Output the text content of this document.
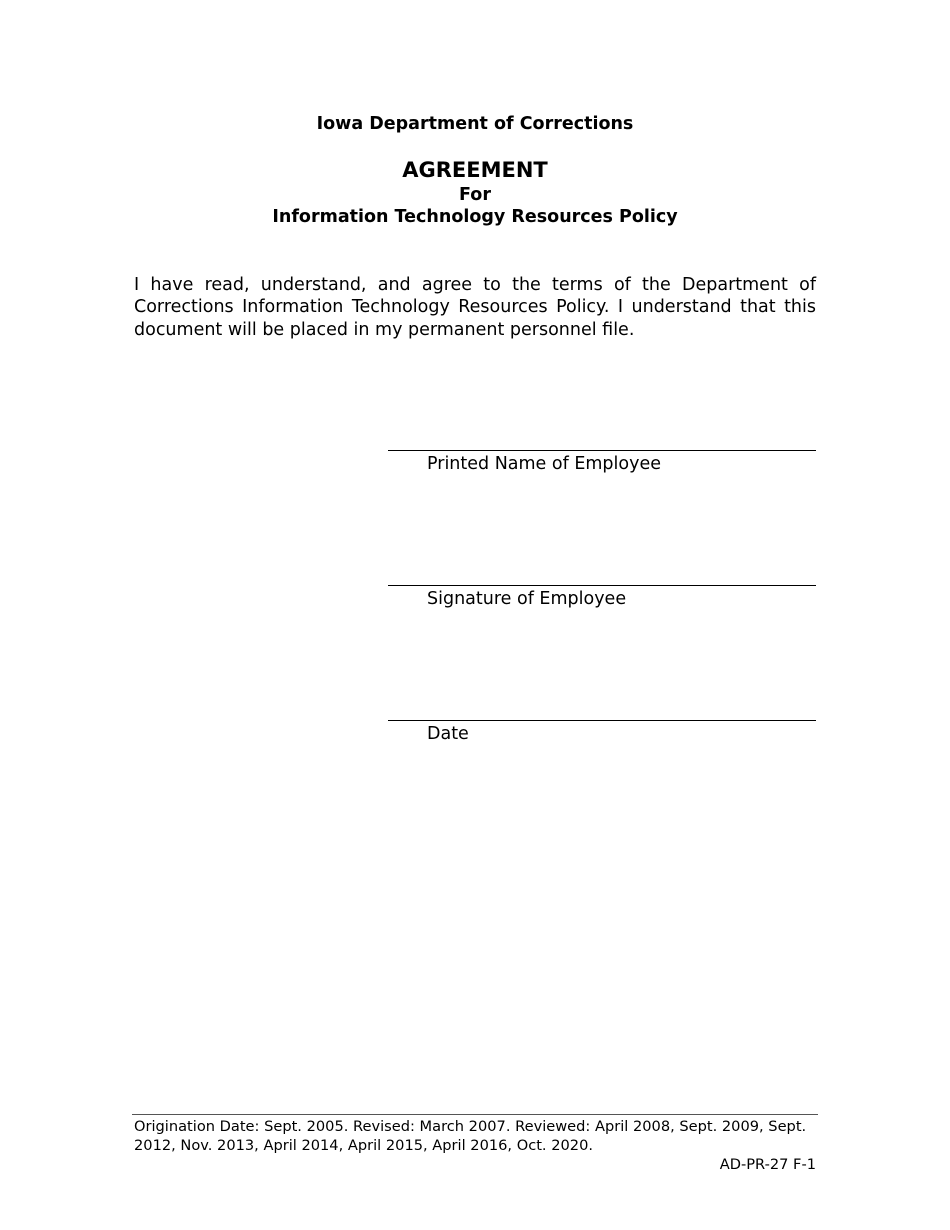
Iowa Department of Corrections
AGREEMENT
For
Information Technology Resources Policy

I have read, understand, and agree to the terms of the Department of Corrections Information Technology Resources Policy. I understand that this document will be placed in my permanent personnel file.

Printed Name of Employee
Signature of Employee
Date

Origination Date: Sept. 2005. Revised: March 2007. Reviewed: April 2008, Sept. 2009, Sept. 2012, Nov. 2013, April 2014, April 2015, April 2016, Oct. 2020.

AD-PR-27 F-1
